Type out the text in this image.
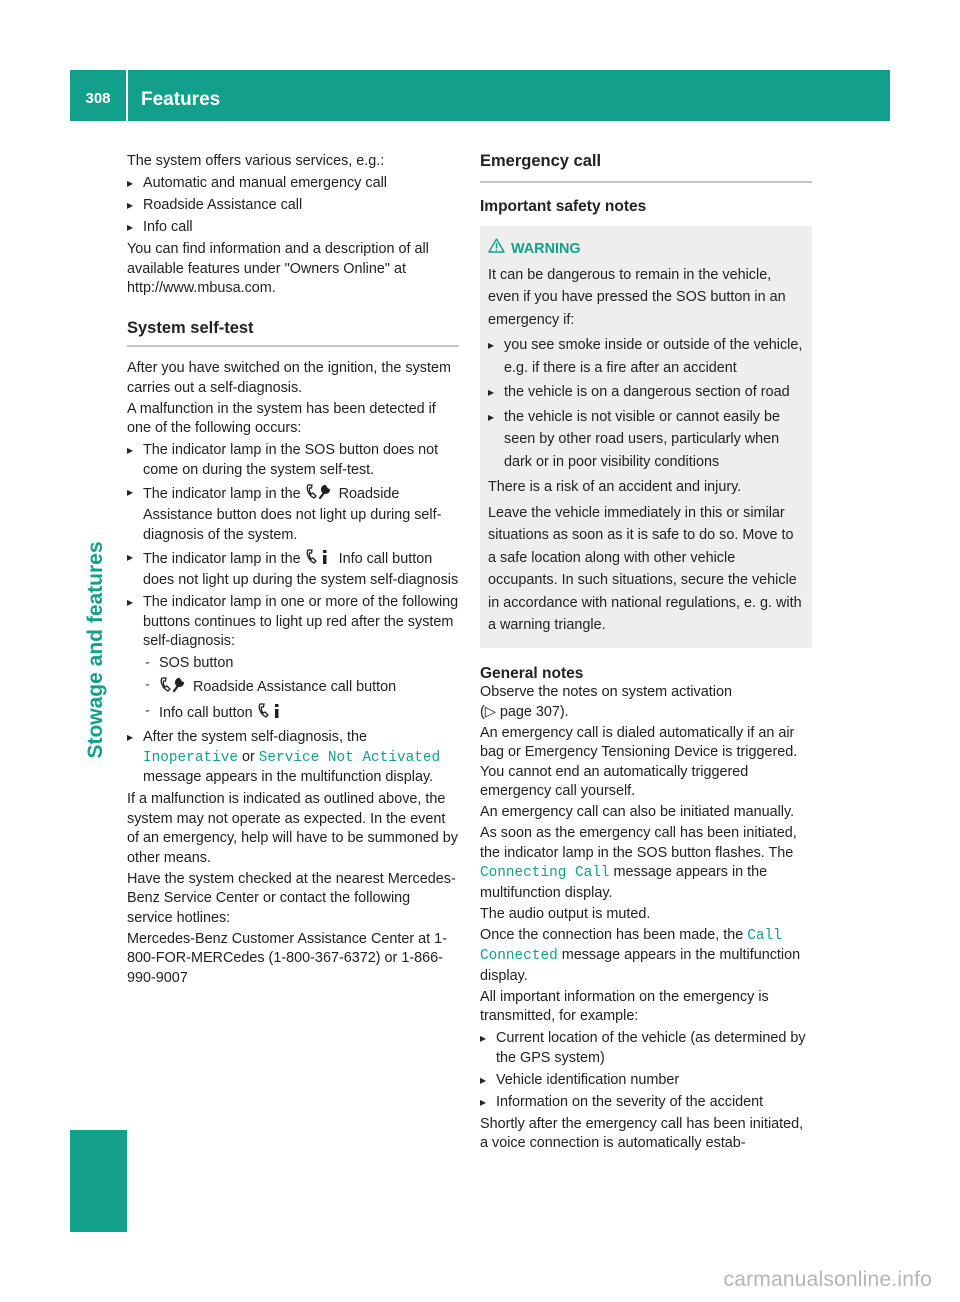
308	Features
Stowage and features

The system offers various services, e.g.:

▸ Automatic and manual emergency call
▸ Roadside Assistance call
▸ Info call

You can find information and a description of all available features under "Owners Online" at http://www.mbusa.com.

System self-test

After you have switched on the ignition, the system carries out a self-diagnosis.

A malfunction in the system has been detected if one of the following occurs:

▸ The indicator lamp in the SOS button does not come on during the system self-test.
▸ The indicator lamp in the	Roadside Assistance button does not light up during self-diagnosis of the system.
▸ The indicator lamp in the	Info call button does not light up during the system self-diagnosis
▸ The indicator lamp in one or more of the following buttons continues to light up red after the system self-diagnosis:
- SOS button
- Roadside Assistance call button
- Info call button
▸ After the system self-diagnosis, the Inoperative or Service Not Activated message appears in the multifunction display.

If a malfunction is indicated as outlined above, the system may not operate as expected. In the event of an emergency, help will have to be summoned by other means.

Have the system checked at the nearest Mercedes-Benz Service Center or contact the following service hotlines:

Mercedes-Benz Customer Assistance Center at 1-800-FOR-MERCedes (1-800-367-6372) or 1-866-990-9007

Emergency call
Important safety notes
WARNING

It can be dangerous to remain in the vehicle, even if you have pressed the SOS button in an emergency if:

▸ you see smoke inside or outside of the vehicle, e.g. if there is a fire after an accident
▸ the vehicle is on a dangerous section of road
▸ the vehicle is not visible or cannot easily be seen by other road users, particularly when dark or in poor visibility conditions

There is a risk of an accident and injury.

Leave the vehicle immediately in this or similar situations as soon as it is safe to do so. Move to a safe location along with other vehicle occupants. In such situations, secure the vehicle in accordance with national regulations, e. g. with a warning triangle.

General notes

Observe the notes on system activation
(▷ page 307).

An emergency call is dialed automatically if an air bag or Emergency Tensioning Device is triggered. You cannot end an automatically triggered emergency call yourself.

An emergency call can also be initiated manually.

As soon as the emergency call has been initiated, the indicator lamp in the SOS button flashes. The Connecting Call message appears in the multifunction display.

The audio output is muted.

Once the connection has been made, the Call Connected message appears in the multifunction display.

All important information on the emergency is transmitted, for example:

▸ Current location of the vehicle (as determined by the GPS system)
▸ Vehicle identification number
▸ Information on the severity of the accident

Shortly after the emergency call has been initiated, a voice connection is automatically estab-

carmanualsonline.info
